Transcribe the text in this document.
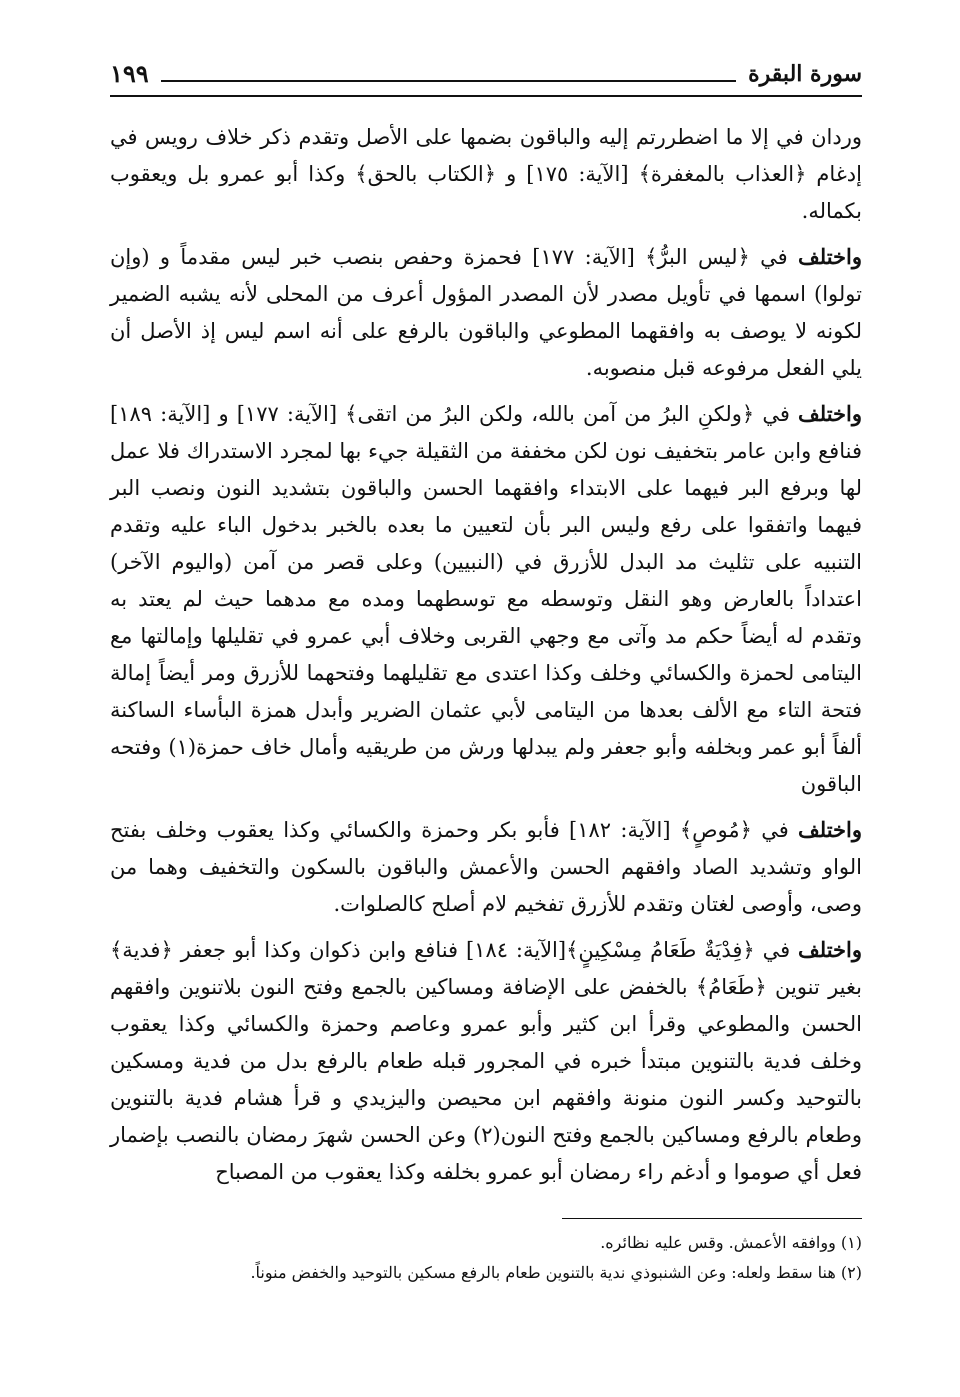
سورة البقرة
١٩٩

وردان في إلا ما اضطررتم إليه والباقون بضمها على الأصل وتقدم ذكر خلاف رويس في إدغام ﴿العذاب بالمغفرة﴾ [الآية: ١٧٥] و ﴿الكتاب بالحق﴾ وكذا أبو عمرو بل ويعقوب بكماله.

واختلف في ﴿ليس البرُّ﴾ [الآية: ١٧٧] فحمزة وحفص بنصب خبر ليس مقدماً و (وإن تولوا) اسمها في تأويل مصدر لأن المصدر المؤول أعرف من المحلى لأنه يشبه الضمير لكونه لا يوصف به وافقهما المطوعي والباقون بالرفع على أنه اسم ليس إذ الأصل أن يلي الفعل مرفوعه قبل منصوبه.

واختلف في ﴿ولكنِ البرُ من آمن بالله، ولكن البرُ من اتقى﴾ [الآية: ١٧٧] و [الآية: ١٨٩] فنافع وابن عامر بتخفيف نون لكن مخففة من الثقيلة جيء بها لمجرد الاستدراك فلا عمل لها وبرفع البر فيهما على الابتداء وافقهما الحسن والباقون بتشديد النون ونصب البر فيهما واتفقوا على رفع وليس البر بأن لتعيين ما بعده بالخبر بدخول الباء عليه وتقدم التنبيه على تثليث مد البدل للأزرق في (النبيين) وعلى قصر من آمن (واليوم الآخر) اعتداداً بالعارض وهو النقل وتوسطه مع توسطهما ومده مع مدهما حيث لم يعتد به وتقدم له أيضاً حكم مد وآتى مع وجهي القربى وخلاف أبي عمرو في تقليلها وإمالتها مع اليتامى لحمزة والكسائي وخلف وكذا اعتدى مع تقليلهما وفتحهما للأزرق ومر أيضاً إمالة فتحة التاء مع الألف بعدها من اليتامى لأبي عثمان الضرير وأبدل همزة البأساء الساكنة ألفاً أبو عمر وبخلفه وأبو جعفر ولم يبدلها ورش من طريقيه وأمال خاف حمزة(١) وفتحه الباقون

واختلف في ﴿مُوصٍ﴾ [الآية: ١٨٢] فأبو بكر وحمزة والكسائي وكذا يعقوب وخلف بفتح الواو وتشديد الصاد وافقهم الحسن والأعمش والباقون بالسكون والتخفيف وهما من وصى، وأوصى لغتان وتقدم للأزرق تفخيم لام أصلح كالصلوات.

واختلف في ﴿فِدْيَةٌ طَعَامُ مِسْكِينٍ﴾[الآية: ١٨٤] فنافع وابن ذكوان وكذا أبو جعفر ﴿فدية﴾ بغير تنوين ﴿طَعَامُ﴾ بالخفض على الإضافة ومساكين بالجمع وفتح النون بلاتنوين وافقهم الحسن والمطوعي وقرأ ابن كثير وأبو عمرو وعاصم وحمزة والكسائي وكذا يعقوب وخلف فدية بالتنوين مبتدأ خبره في المجرور قبله طعام بالرفع بدل من فدية ومسكين بالتوحيد وكسر النون منونة وافقهم ابن محيصن واليزيدي و قرأ هشام فدية بالتنوين وطعام بالرفع ومساكين بالجمع وفتح النون(٢) وعن الحسن شهرَ رمضان بالنصب بإضمار فعل أي صوموا و أدغم راء رمضان أبو عمرو بخلفه وكذا يعقوب من المصباح

(١) ووافقه الأعمش. وقس عليه نظائره.

(٢) هنا سقط ولعله: وعن الشنبوذي ندية بالتنوين طعام بالرفع مسكين بالتوحيد والخفض منوناً.
